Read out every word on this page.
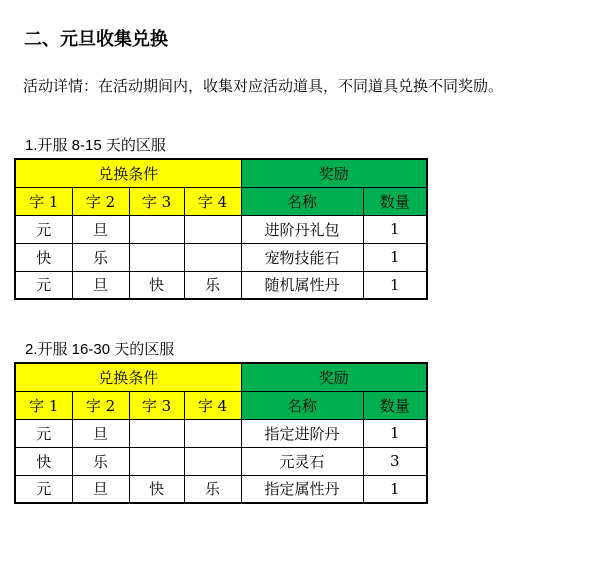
二、元旦收集兑换

活动详情：在活动期间内，收集对应活动道具，不同道具兑换不同奖励。

1.开服 8-15 天的区服
兑换条件				奖励	
字 1	字 2	字 3	字 4	名称	数量
元	旦			进阶丹礼包	1
快	乐			宠物技能石	1
元	旦	快	乐	随机属性丹	1
2.开服 16-30 天的区服
兑换条件				奖励	
字 1	字 2	字 3	字 4	名称	数量
元	旦			指定进阶丹	1
快	乐			元灵石	3
元	旦	快	乐	指定属性丹	1
